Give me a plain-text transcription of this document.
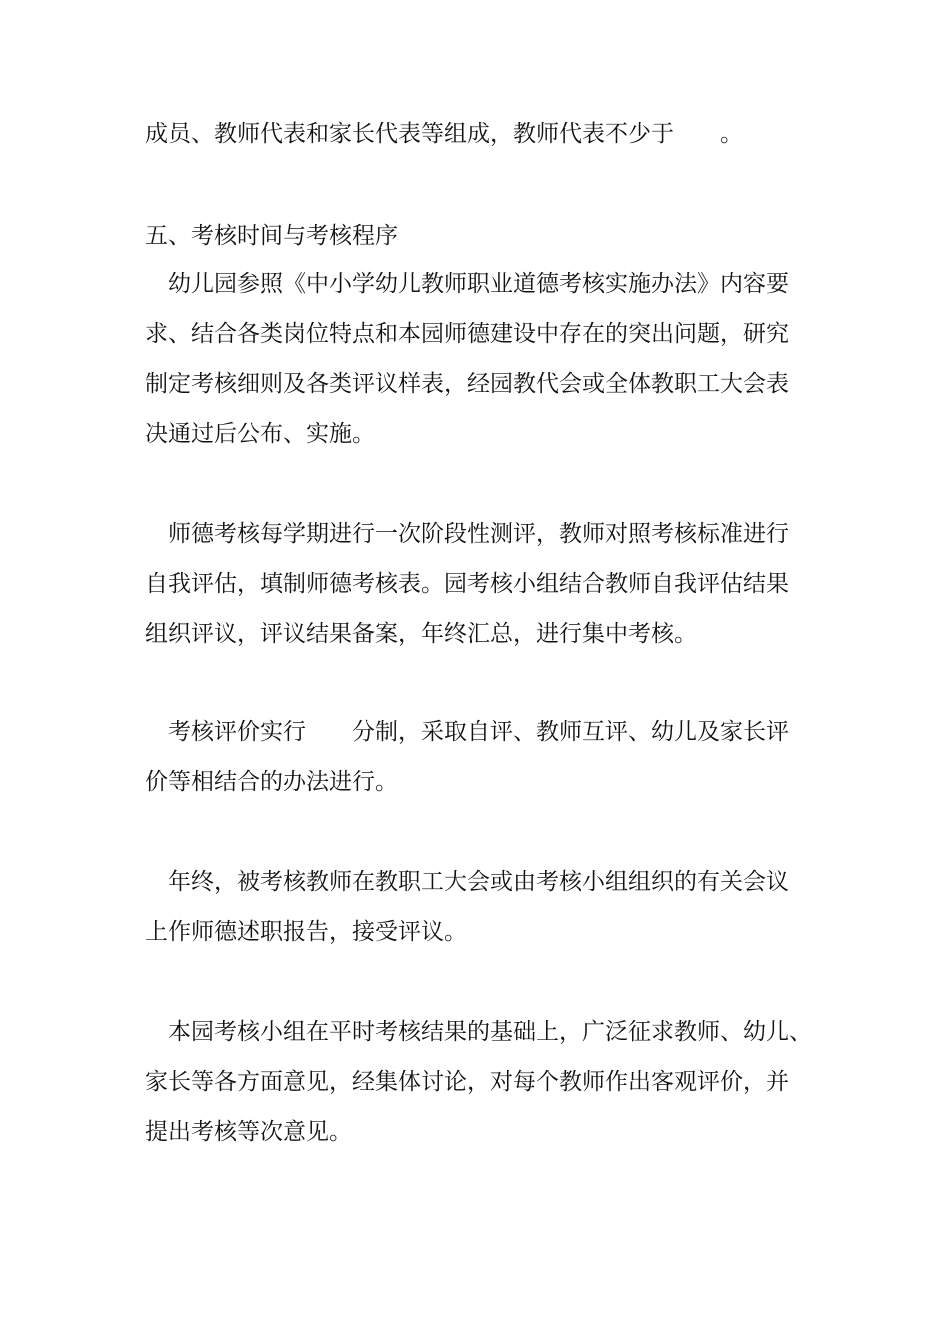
成员、教师代表和家长代表等组成，教师代表不少于　　。
五、考核时间与考核程序
幼儿园参照《中小学幼儿教师职业道德考核实施办法》内容要
求、结合各类岗位特点和本园师德建设中存在的突出问题，研究
制定考核细则及各类评议样表，经园教代会或全体教职工大会表
决通过后公布、实施。
师德考核每学期进行一次阶段性测评，教师对照考核标准进行
自我评估，填制师德考核表。园考核小组结合教师自我评估结果
组织评议，评议结果备案，年终汇总，进行集中考核。
考核评价实行　　分制，采取自评、教师互评、幼儿及家长评
价等相结合的办法进行。
年终，被考核教师在教职工大会或由考核小组组织的有关会议
上作师德述职报告，接受评议。
本园考核小组在平时考核结果的基础上，广泛征求教师、幼儿、
家长等各方面意见，经集体讨论，对每个教师作出客观评价，并
提出考核等次意见。
